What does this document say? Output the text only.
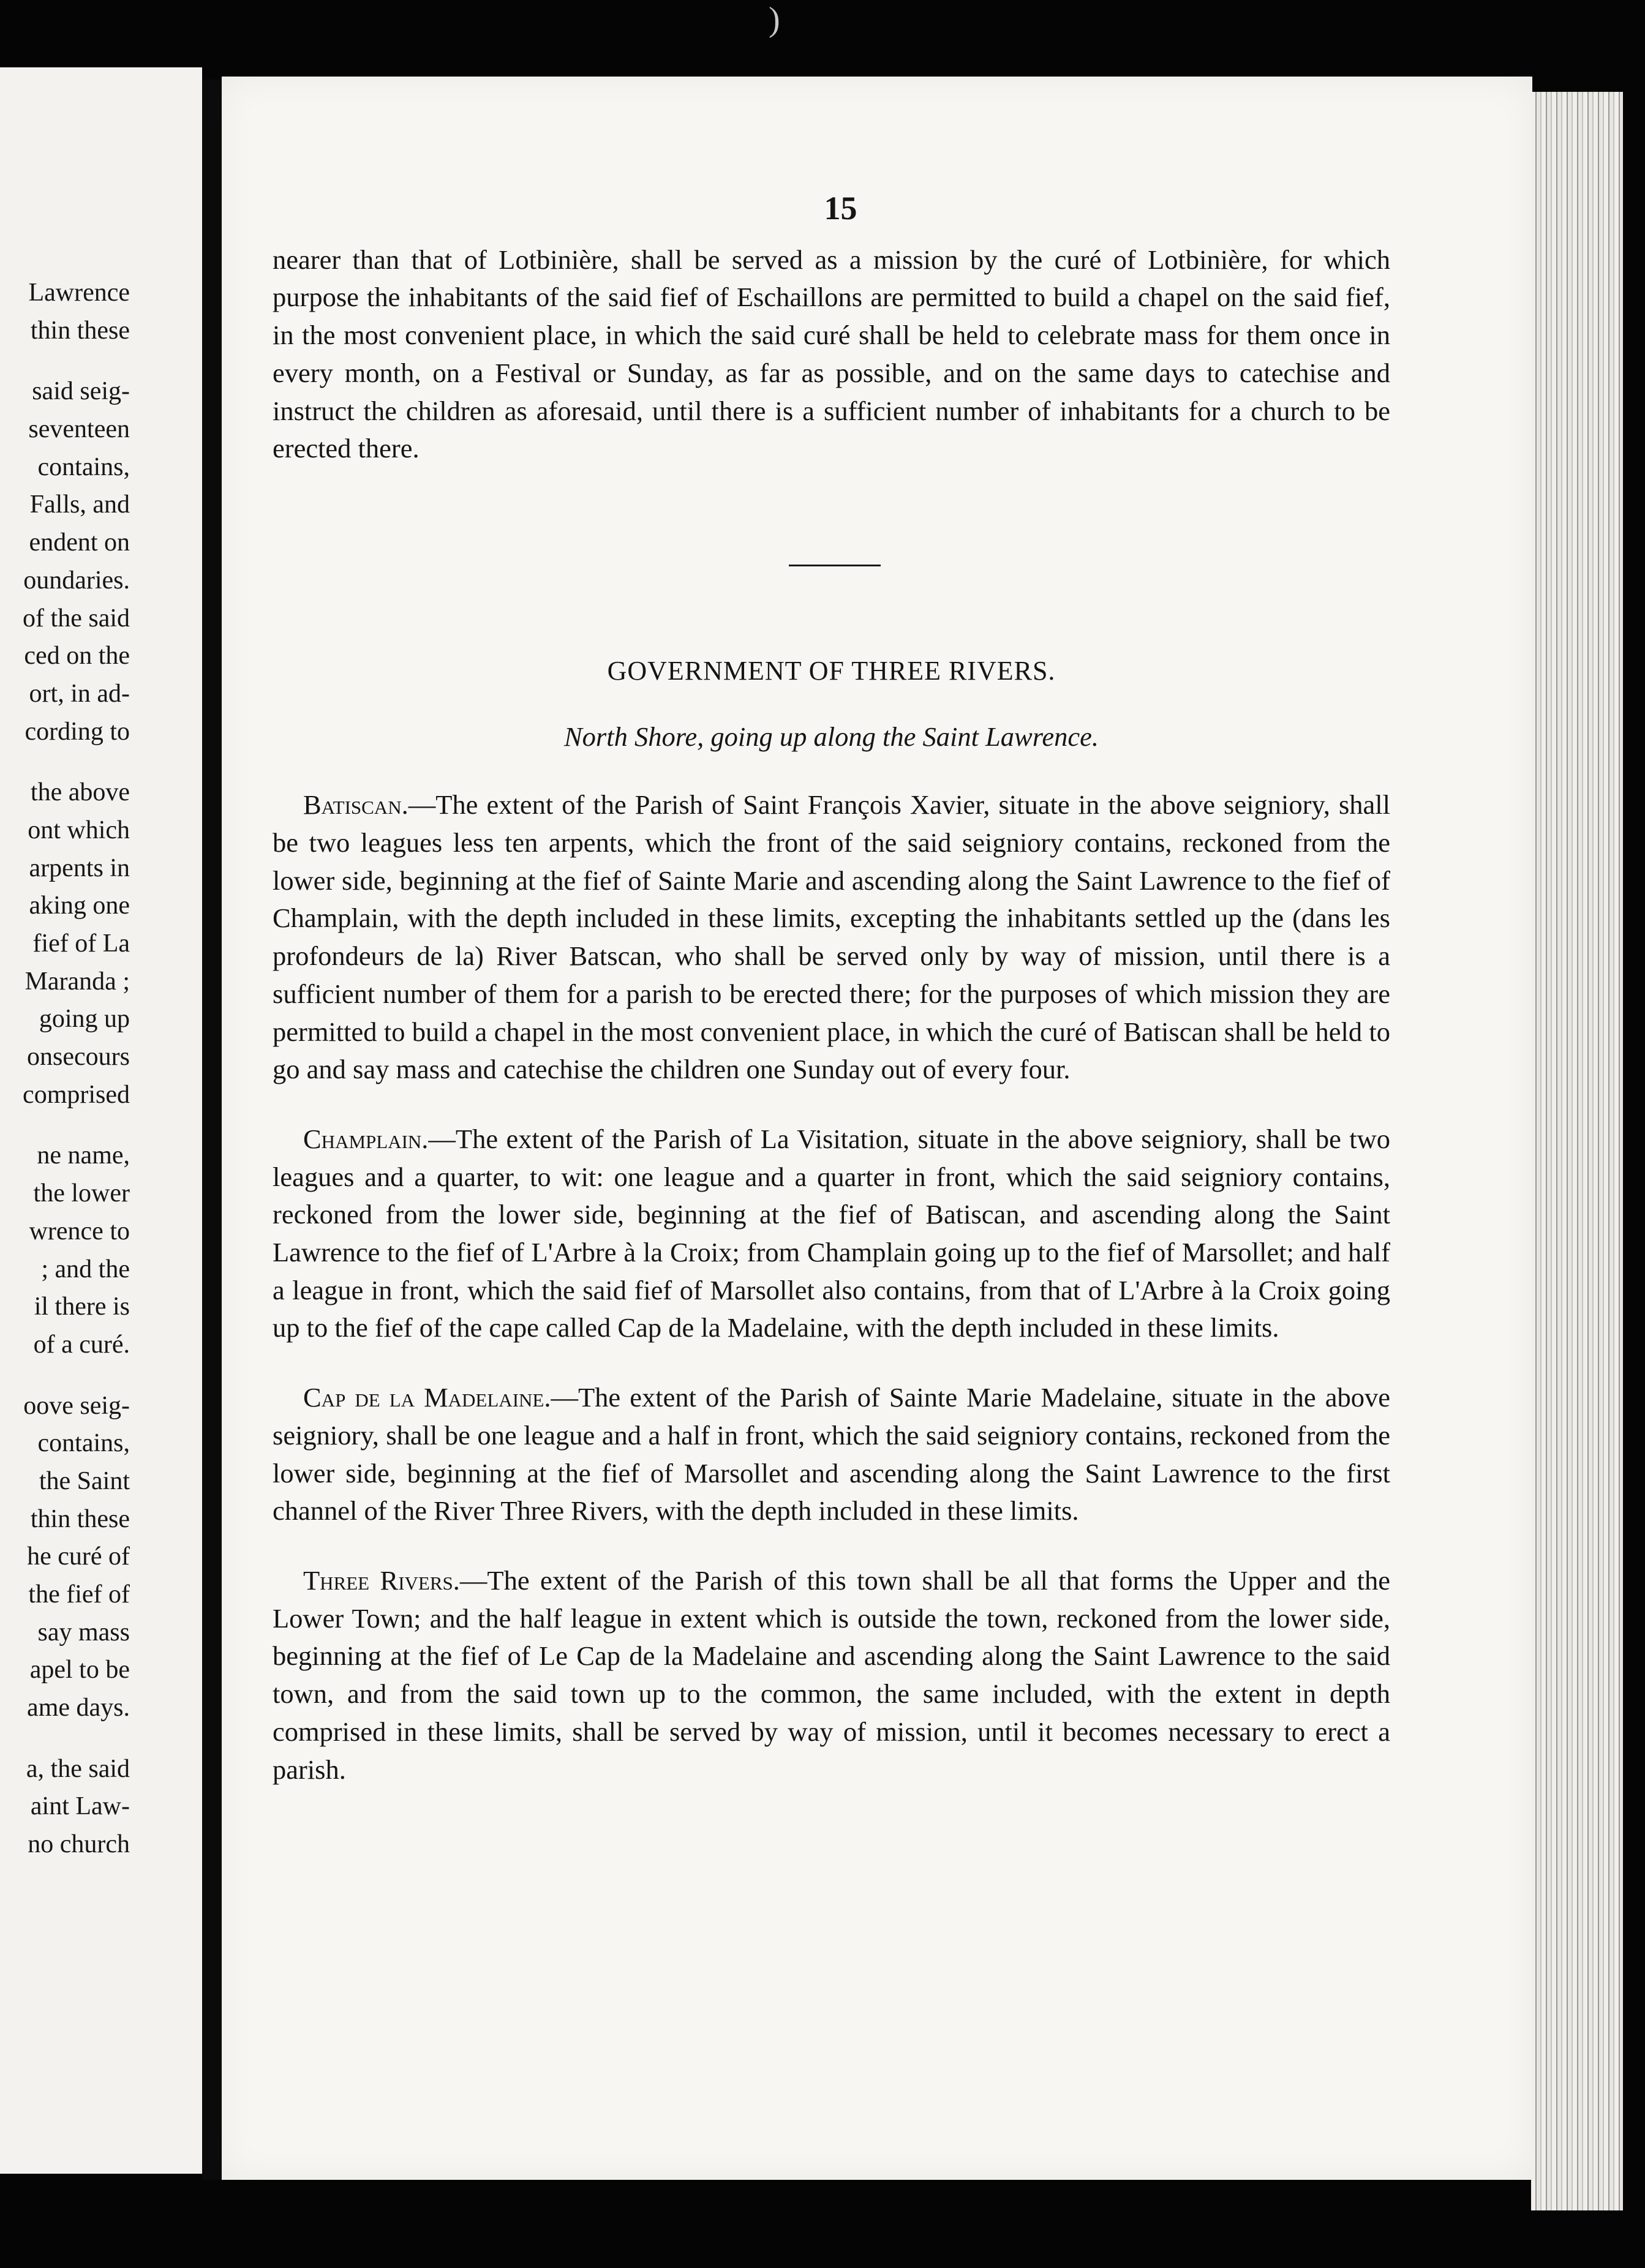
)
Lawrence
thin these
said seig-
seventeen
contains,
Falls, and
endent on
oundaries.
of the said
ced on the
ort, in ad-
cording to
the above
ont which
arpents in
aking one
fief of La
Maranda ;
going up
onsecours
comprised
ne name,
the lower
wrence to
; and the
il there is
of a curé.
oove seig-
contains,
the Saint
thin these
he curé of
the fief of
say mass
apel to be
ame days.
a, the said
aint Law-
no church
15

nearer than that of Lotbinière, shall be served as a mission by the curé of Lotbinière, for which purpose the inhabitants of the said fief of Eschaillons are permitted to build a chapel on the said fief, in the most convenient place, in which the said curé shall be held to celebrate mass for them once in every month, on a Festival or Sunday, as far as possible, and on the same days to catechise and instruct the children as aforesaid, until there is a sufficient number of inhabitants for a church to be erected there.

GOVERNMENT OF THREE RIVERS.
North Shore, going up along the Saint Lawrence.

Batiscan.—The extent of the Parish of Saint François Xavier, situate in the above seigniory, shall be two leagues less ten arpents, which the front of the said seigniory contains, reckoned from the lower side, beginning at the fief of Sainte Marie and ascending along the Saint Lawrence to the fief of Champlain, with the depth included in these limits, excepting the inhabitants settled up the (dans les profondeurs de la) River Batscan, who shall be served only by way of mission, until there is a sufficient number of them for a parish to be erected there; for the purposes of which mission they are permitted to build a chapel in the most convenient place, in which the curé of Batiscan shall be held to go and say mass and catechise the children one Sunday out of every four.

Champlain.—The extent of the Parish of La Visitation, situate in the above seigniory, shall be two leagues and a quarter, to wit: one league and a quarter in front, which the said seigniory contains, reckoned from the lower side, beginning at the fief of Batiscan, and ascending along the Saint Lawrence to the fief of L'Arbre à la Croix; from Champlain going up to the fief of Marsollet; and half a league in front, which the said fief of Marsollet also contains, from that of L'Arbre à la Croix going up to the fief of the cape called Cap de la Madelaine, with the depth included in these limits.

Cap de la Madelaine.—The extent of the Parish of Sainte Marie Madelaine, situate in the above seigniory, shall be one league and a half in front, which the said seigniory contains, reckoned from the lower side, beginning at the fief of Marsollet and ascending along the Saint Lawrence to the first channel of the River Three Rivers, with the depth included in these limits.

Three Rivers.—The extent of the Parish of this town shall be all that forms the Upper and the Lower Town; and the half league in extent which is outside the town, reckoned from the lower side, beginning at the fief of Le Cap de la Madelaine and ascending along the Saint Lawrence to the said town, and from the said town up to the common, the same included, with the extent in depth comprised in these limits, shall be served by way of mission, until it becomes necessary to erect a parish.
